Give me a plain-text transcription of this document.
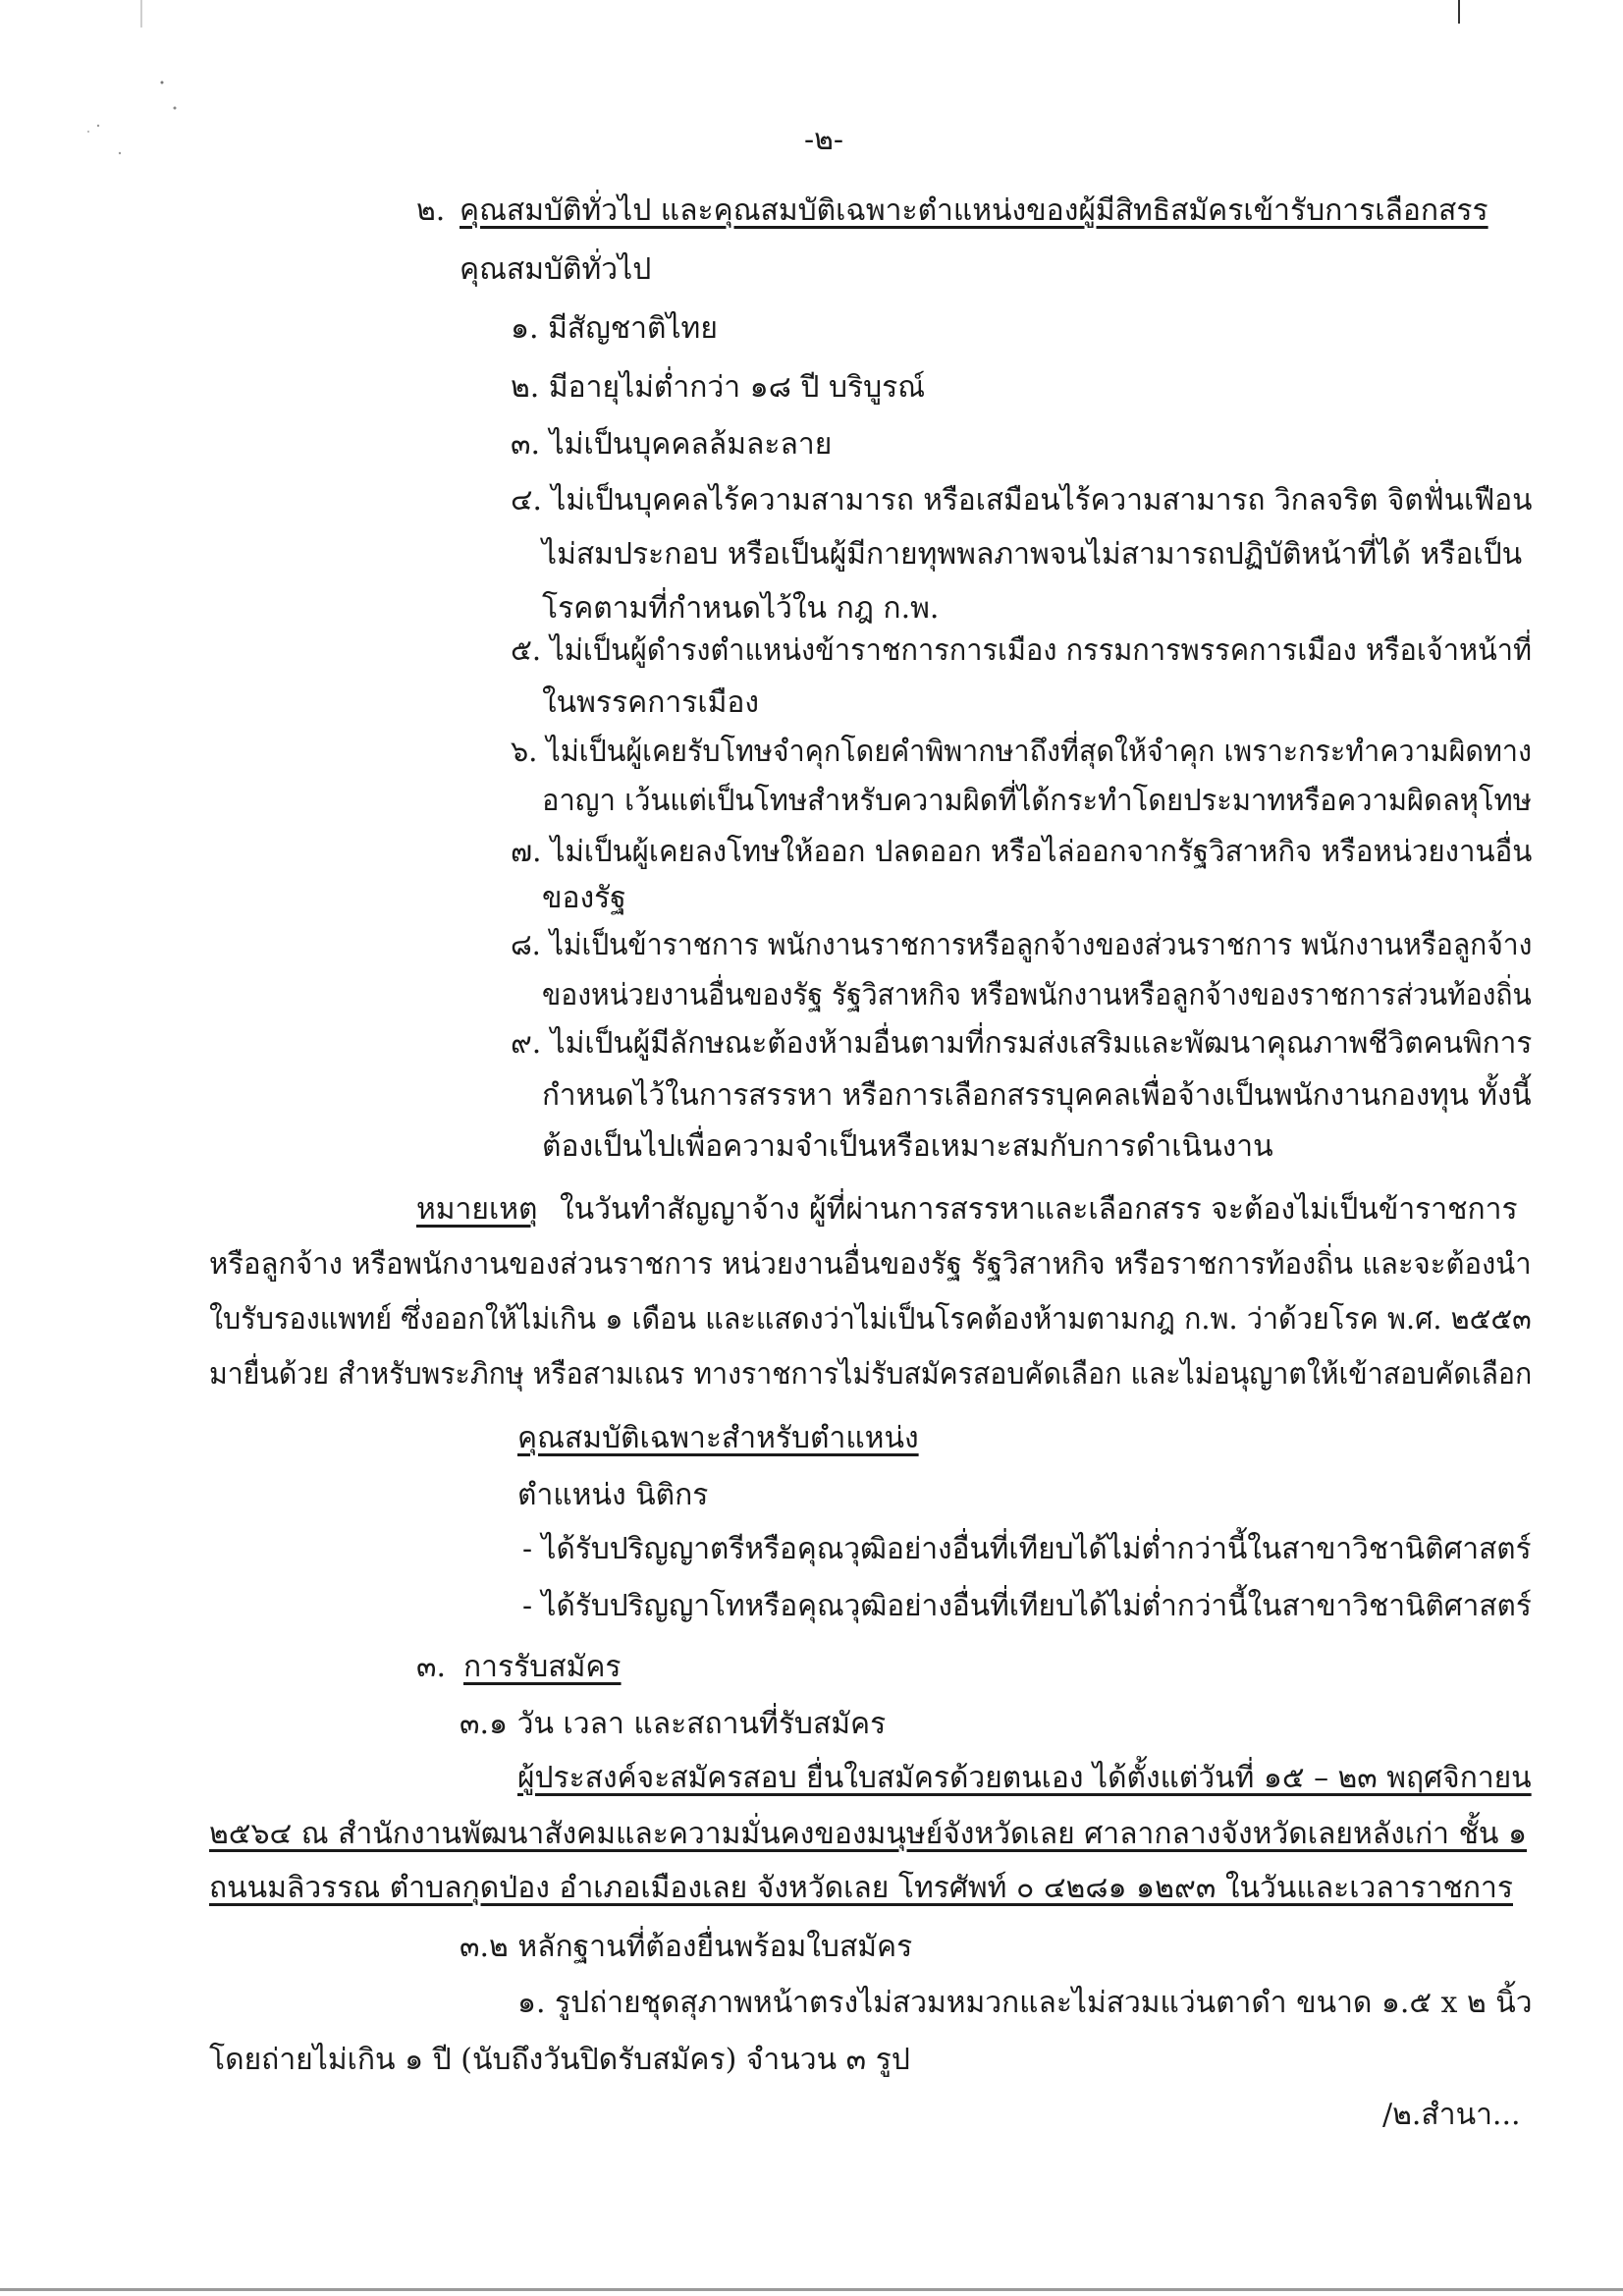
-๒-
๒. คุณสมบัติทั่วไป และคุณสมบัติเฉพาะตำแหน่งของผู้มีสิทธิสมัครเข้ารับการเลือกสรร
คุณสมบัติทั่วไป
๑. มีสัญชาติไทย
๒. มีอายุไม่ต่ำกว่า ๑๘ ปี บริบูรณ์
๓. ไม่เป็นบุคคลล้มละลาย
๔. ไม่เป็นบุคคลไร้ความสามารถ หรือเสมือนไร้ความสามารถ วิกลจริต จิตฟั่นเฟือน
ไม่สมประกอบ หรือเป็นผู้มีกายทุพพลภาพจนไม่สามารถปฏิบัติหน้าที่ได้ หรือเป็น
โรคตามที่กำหนดไว้ใน กฎ ก.พ.
๕. ไม่เป็นผู้ดำรงตำแหน่งข้าราชการการเมือง กรรมการพรรคการเมือง หรือเจ้าหน้าที่
ในพรรคการเมือง
๖. ไม่เป็นผู้เคยรับโทษจำคุกโดยคำพิพากษาถึงที่สุดให้จำคุก เพราะกระทำความผิดทาง
อาญา เว้นแต่เป็นโทษสำหรับความผิดที่ได้กระทำโดยประมาทหรือความผิดลหุโทษ
๗. ไม่เป็นผู้เคยลงโทษให้ออก ปลดออก หรือไล่ออกจากรัฐวิสาหกิจ หรือหน่วยงานอื่น
ของรัฐ
๘. ไม่เป็นข้าราชการ พนักงานราชการหรือลูกจ้างของส่วนราชการ พนักงานหรือลูกจ้าง
ของหน่วยงานอื่นของรัฐ รัฐวิสาหกิจ หรือพนักงานหรือลูกจ้างของราชการส่วนท้องถิ่น
๙. ไม่เป็นผู้มีลักษณะต้องห้ามอื่นตามที่กรมส่งเสริมและพัฒนาคุณภาพชีวิตคนพิการ
กำหนดไว้ในการสรรหา หรือการเลือกสรรบุคคลเพื่อจ้างเป็นพนักงานกองทุน ทั้งนี้
ต้องเป็นไปเพื่อความจำเป็นหรือเหมาะสมกับการดำเนินงาน
หมายเหตุ ในวันทำสัญญาจ้าง ผู้ที่ผ่านการสรรหาและเลือกสรร จะต้องไม่เป็นข้าราชการ
หรือลูกจ้าง หรือพนักงานของส่วนราชการ หน่วยงานอื่นของรัฐ รัฐวิสาหกิจ หรือราชการท้องถิ่น และจะต้องนำ
ใบรับรองแพทย์ ซึ่งออกให้ไม่เกิน ๑ เดือน และแสดงว่าไม่เป็นโรคต้องห้ามตามกฎ ก.พ. ว่าด้วยโรค พ.ศ. ๒๕๕๓
มายื่นด้วย สำหรับพระภิกษุ หรือสามเณร ทางราชการไม่รับสมัครสอบคัดเลือก และไม่อนุญาตให้เข้าสอบคัดเลือก
คุณสมบัติเฉพาะสำหรับตำแหน่ง
ตำแหน่ง นิติกร
- ได้รับปริญญาตรีหรือคุณวุฒิอย่างอื่นที่เทียบได้ไม่ต่ำกว่านี้ในสาขาวิชานิติศาสตร์
- ได้รับปริญญาโทหรือคุณวุฒิอย่างอื่นที่เทียบได้ไม่ต่ำกว่านี้ในสาขาวิชานิติศาสตร์
๓. การรับสมัคร
๓.๑ วัน เวลา และสถานที่รับสมัคร
ผู้ประสงค์จะสมัครสอบ ยื่นใบสมัครด้วยตนเอง ได้ตั้งแต่วันที่ ๑๕ – ๒๓ พฤศจิกายน
๒๕๖๔ ณ สำนักงานพัฒนาสังคมและความมั่นคงของมนุษย์จังหวัดเลย ศาลากลางจังหวัดเลยหลังเก่า ชั้น ๑
ถนนมลิวรรณ ตำบลกุดป่อง อำเภอเมืองเลย จังหวัดเลย โทรศัพท์ ๐ ๔๒๘๑ ๑๒๙๓ ในวันและเวลาราชการ
๓.๒ หลักฐานที่ต้องยื่นพร้อมใบสมัคร
๑. รูปถ่ายชุดสุภาพหน้าตรงไม่สวมหมวกและไม่สวมแว่นตาดำ ขนาด ๑.๕ x ๒ นิ้ว
โดยถ่ายไม่เกิน ๑ ปี (นับถึงวันปิดรับสมัคร) จำนวน ๓ รูป
/๒.สำนา...
